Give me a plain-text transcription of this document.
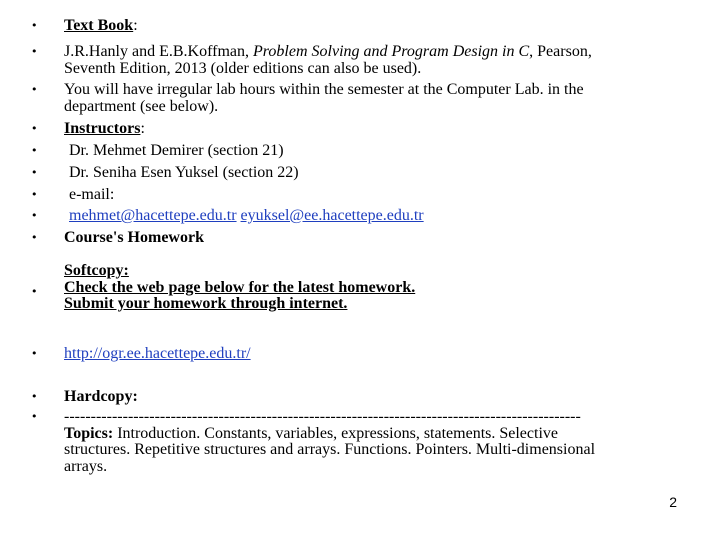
•	Text Book:
•	J.R.Hanly and E.B.Koffman, Problem Solving and Program Design in C, Pearson,
Seventh Edition, 2013 (older editions can also be used).
•	You will have irregular lab hours within the semester at the Computer Lab. in the
department (see below).
•	Instructors:
•	Dr. Mehmet Demirer (section 21)
•	Dr. Seniha Esen Yuksel (section 22)
•	e-mail:
•	mehmet@hacettepe.edu.tr eyuksel@ee.hacettepe.edu.tr
•	Course's Homework
•
Softcopy:
Check the web page below for the latest homework.
Submit your homework through internet.
•	http://ogr.ee.hacettepe.edu.tr/
•	Hardcopy:
•	-------------------------------------------------------------------------------------------------
Topics: Introduction. Constants, variables, expressions, statements. Selective
structures. Repetitive structures and arrays. Functions. Pointers. Multi-dimensional
arrays.
2
